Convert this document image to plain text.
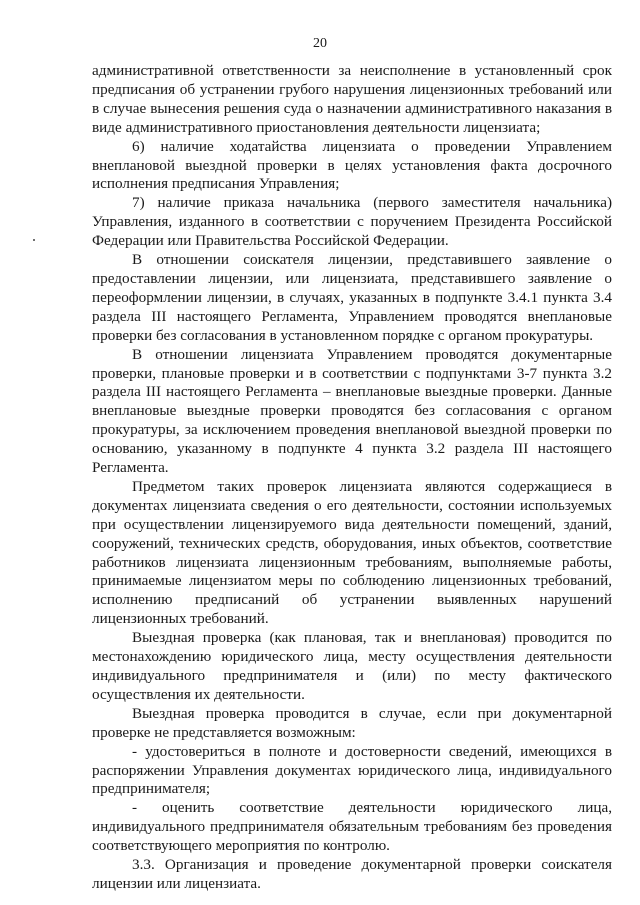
20

административной ответственности за неисполнение в установленный срок предписания об устранении грубого нарушения лицензионных требований или в случае вынесения решения суда о назначении административного наказания в виде административного приостановления деятельности лицензиата;

6) наличие ходатайства лицензиата о проведении Управлением внеплановой выездной проверки в целях установления факта досрочного исполнения предписания Управления;

7) наличие приказа начальника (первого заместителя начальника) Управления, изданного в соответствии с поручением Президента Российской Федерации или Правительства Российской Федерации.

В отношении соискателя лицензии, представившего заявление о предоставлении лицензии, или лицензиата, представившего заявление о переоформлении лицензии, в случаях, указанных в подпункте 3.4.1 пункта 3.4 раздела III настоящего Регламента, Управлением проводятся внеплановые проверки без согласования в установленном порядке с органом прокуратуры.

В отношении лицензиата Управлением проводятся документарные проверки, плановые проверки и в соответствии с подпунктами 3-7 пункта 3.2 раздела III настоящего Регламента – внеплановые выездные проверки. Данные внеплановые выездные проверки проводятся без согласования с органом прокуратуры, за исключением проведения внеплановой выездной проверки по основанию, указанному в подпункте 4 пункта 3.2 раздела III настоящего Регламента.

Предметом таких проверок лицензиата являются содержащиеся в документах лицензиата сведения о его деятельности, состоянии используемых при осуществлении лицензируемого вида деятельности помещений, зданий, сооружений, технических средств, оборудования, иных объектов, соответствие работников лицензиата лицензионным требованиям, выполняемые работы, принимаемые лицензиатом меры по соблюдению лицензионных требований, исполнению предписаний об устранении выявленных нарушений лицензионных требований.

Выездная проверка (как плановая, так и внеплановая) проводится по местонахождению юридического лица, месту осуществления деятельности индивидуального предпринимателя и (или) по месту фактического осуществления их деятельности.

Выездная проверка проводится в случае, если при документарной проверке не представляется возможным:

- удостовериться в полноте и достоверности сведений, имеющихся в распоряжении Управления документах юридического лица, индивидуального предпринимателя;

- оценить соответствие деятельности юридического лица, индивидуального предпринимателя обязательным требованиям без проведения соответствующего мероприятия по контролю.

3.3. Организация и проведение документарной проверки соискателя лицензии или лицензиата.
